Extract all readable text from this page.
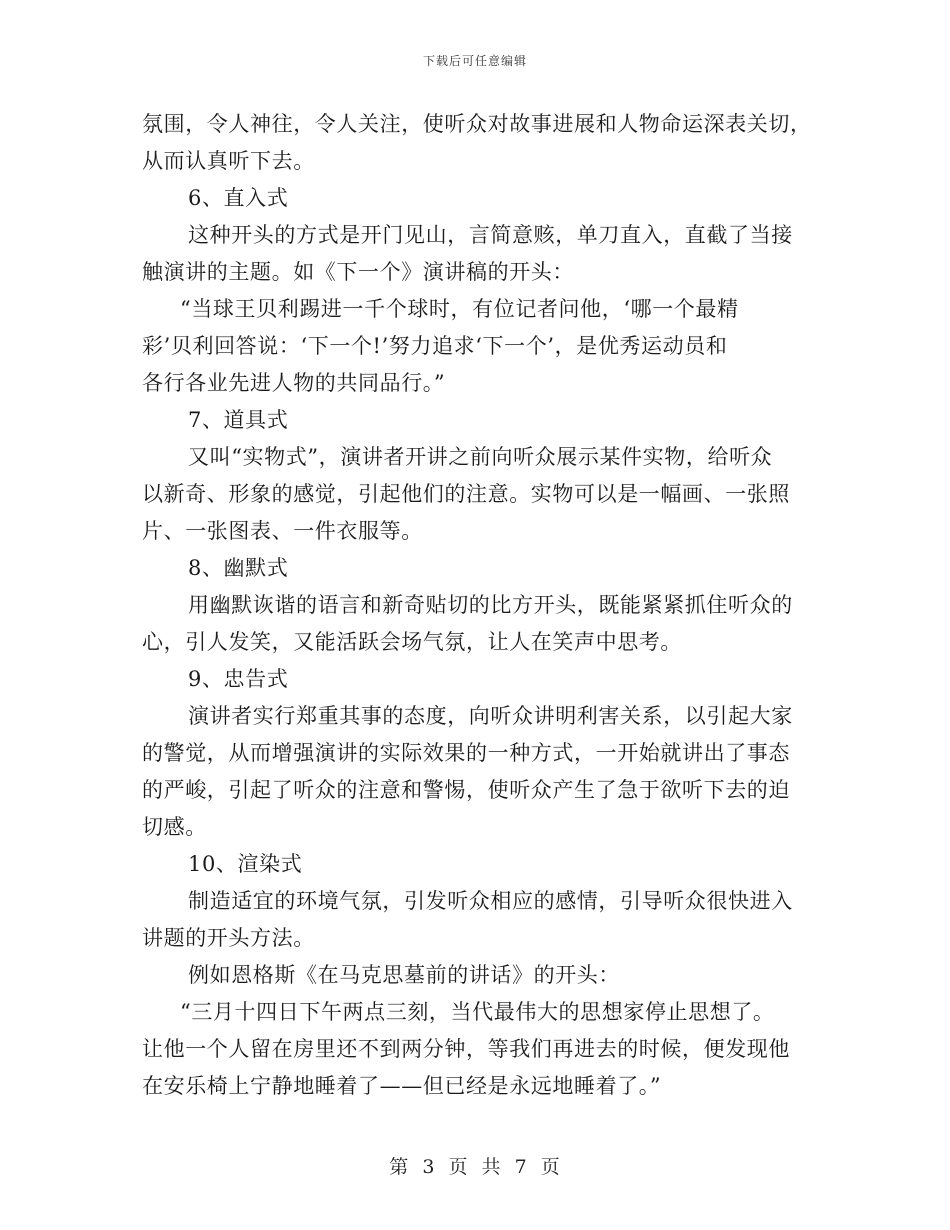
下载后可任意编辑
氛围，令人神往，令人关注，使听众对故事进展和人物命运深表关切，
从而认真听下去。
6、直入式
这种开头的方式是开门见山，言简意赅，单刀直入，直截了当接
触演讲的主题。如《下一个》演讲稿的开头：
“当球王贝利踢进一千个球时，有位记者问他，‘哪一个最精
彩’贝利回答说：‘下一个!’努力追求‘下一个’，是优秀运动员和
各行各业先进人物的共同品行。”
7、道具式
又叫“实物式”，演讲者开讲之前向听众展示某件实物，给听众
以新奇、形象的感觉，引起他们的注意。实物可以是一幅画、一张照
片、一张图表、一件衣服等。
8、幽默式
用幽默诙谐的语言和新奇贴切的比方开头，既能紧紧抓住听众的
心，引人发笑，又能活跃会场气氛，让人在笑声中思考。
9、忠告式
演讲者实行郑重其事的态度，向听众讲明利害关系，以引起大家
的警觉，从而增强演讲的实际效果的一种方式，一开始就讲出了事态
的严峻，引起了听众的注意和警惕，使听众产生了急于欲听下去的迫
切感。
10、渲染式
制造适宜的环境气氛，引发听众相应的感情，引导听众很快进入
讲题的开头方法。
例如恩格斯《在马克思墓前的讲话》的开头：
“三月十四日下午两点三刻，当代最伟大的思想家停止思想了。
让他一个人留在房里还不到两分钟，等我们再进去的时候，便发现他
在安乐椅上宁静地睡着了——但已经是永远地睡着了。”
第 3 页 共 7 页
